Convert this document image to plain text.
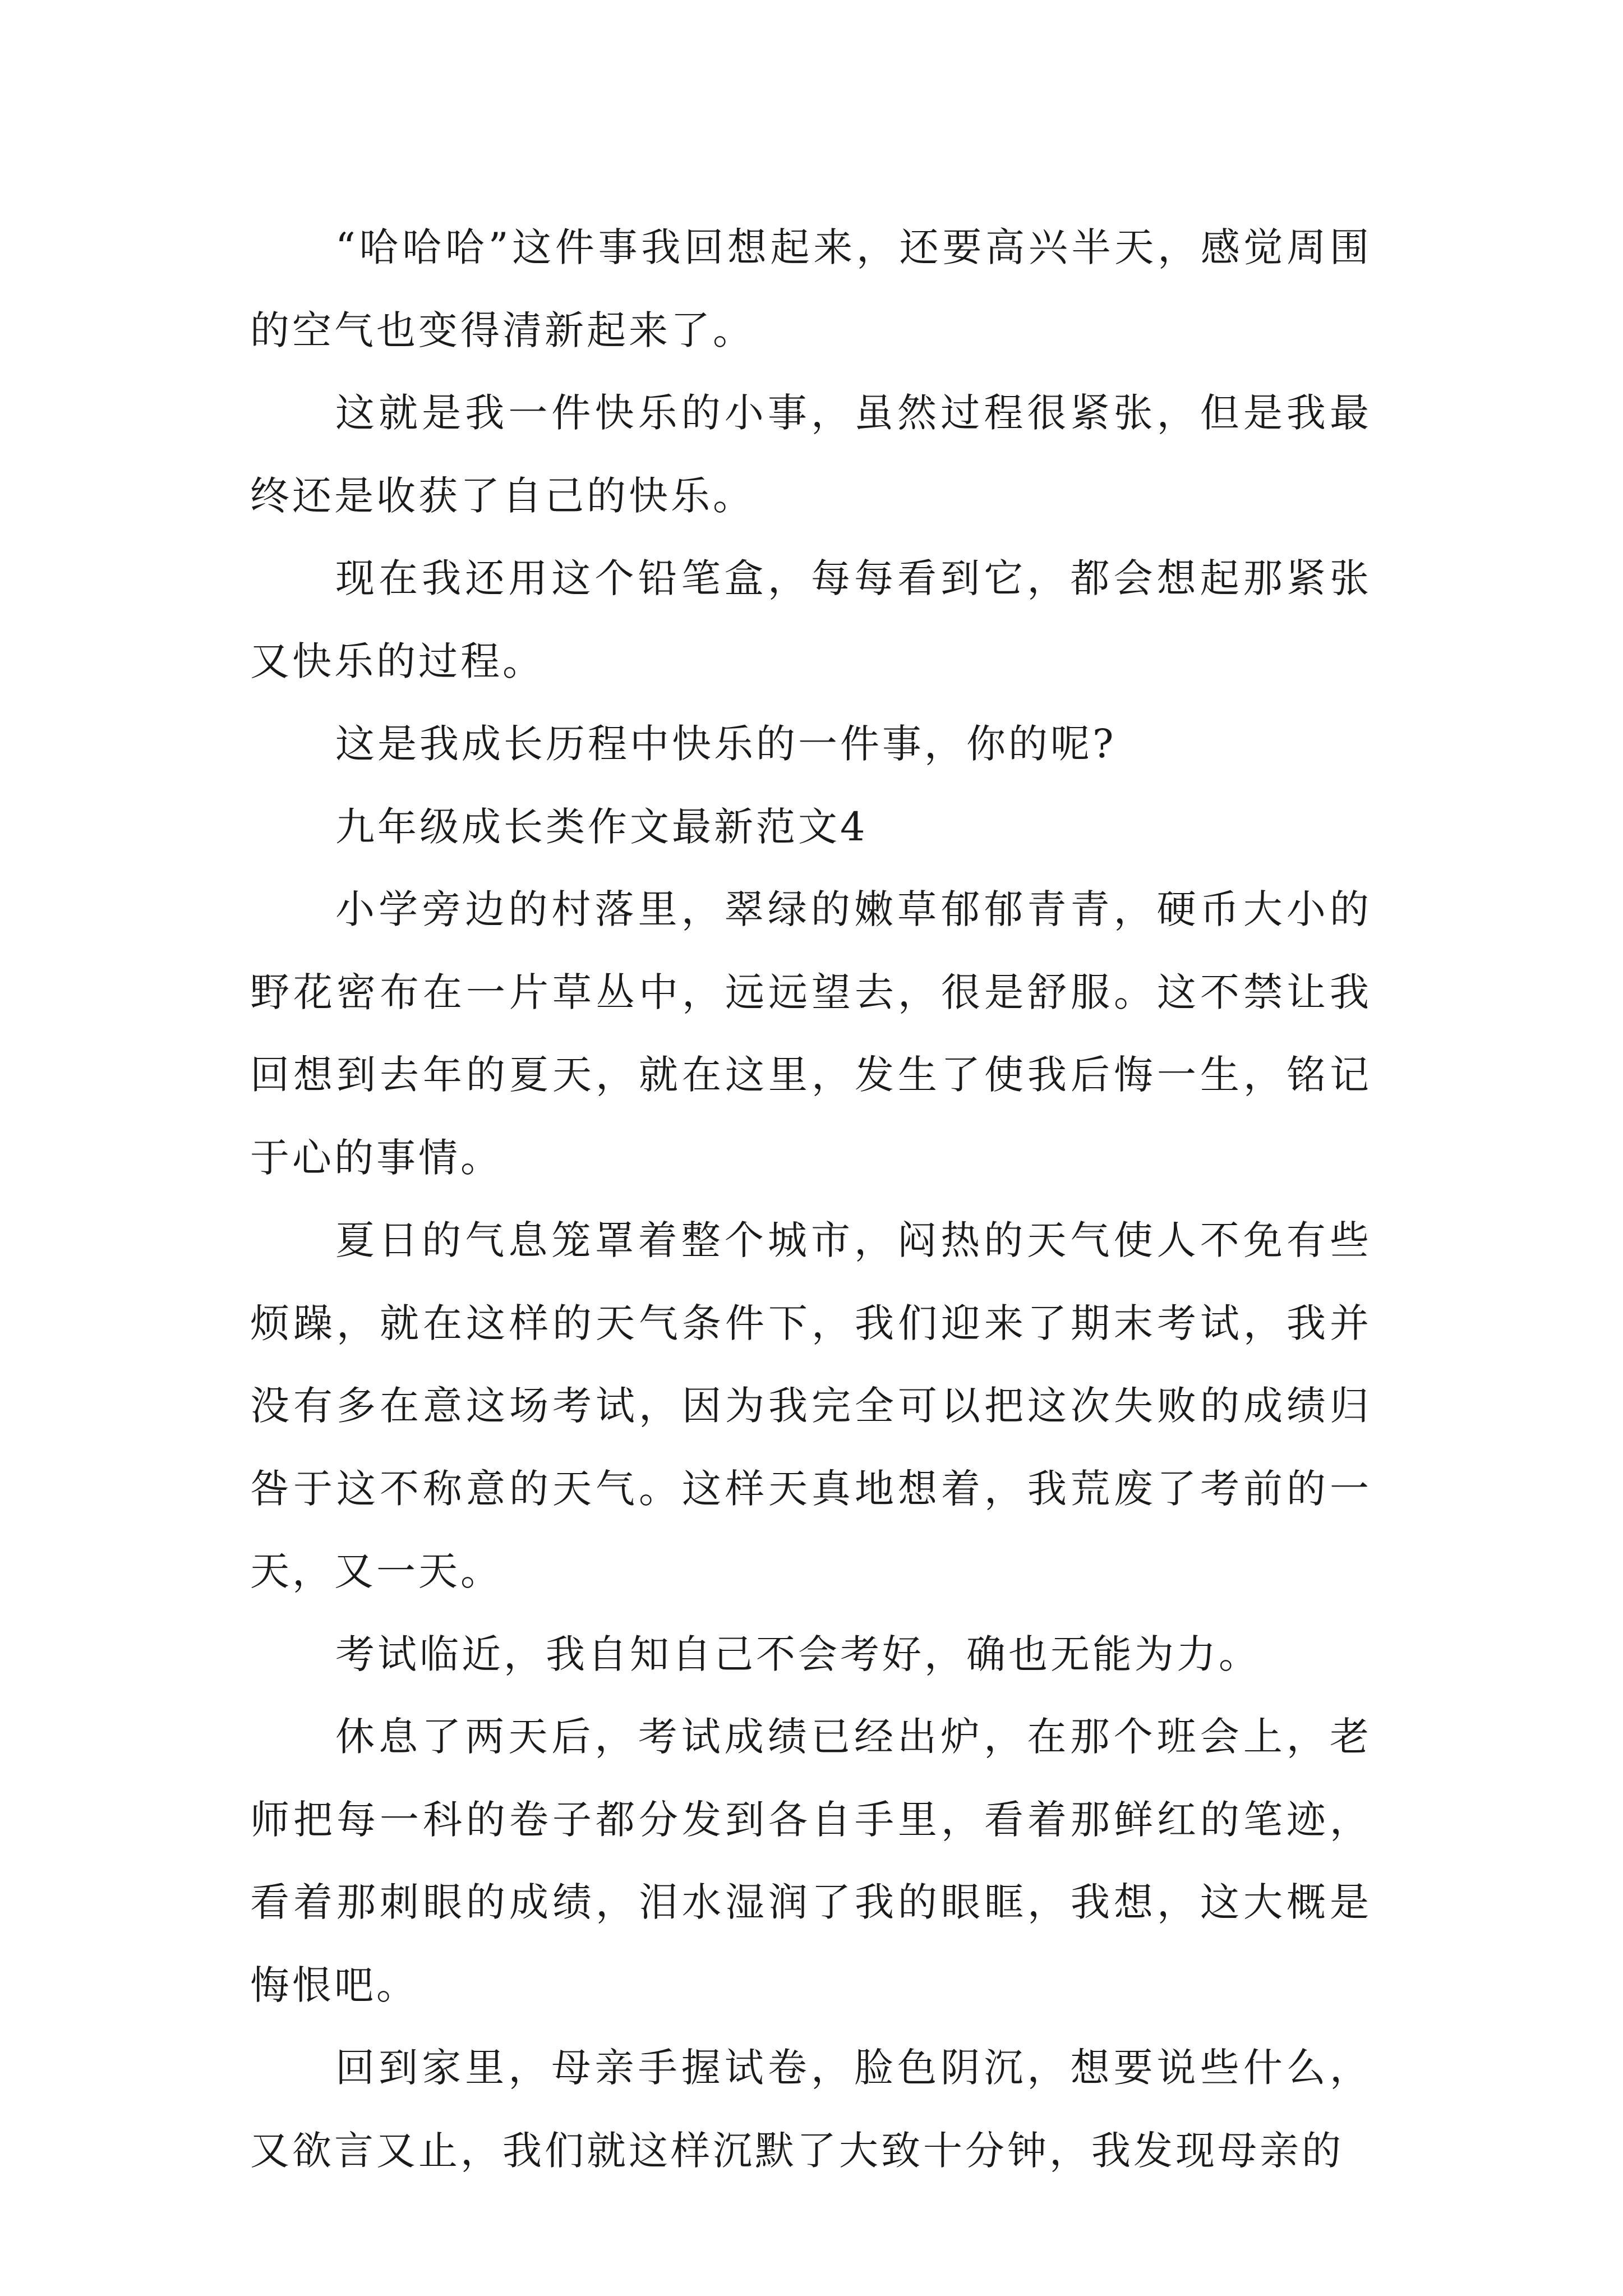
“哈哈哈”这件事我回想起来，还要高兴半天，感觉周围的空气也变得清新起来了。

这就是我一件快乐的小事，虽然过程很紧张，但是我最终还是收获了自己的快乐。

现在我还用这个铅笔盒，每每看到它，都会想起那紧张又快乐的过程。

这是我成长历程中快乐的一件事，你的呢?

九年级成长类作文最新范文4

小学旁边的村落里，翠绿的嫩草郁郁青青，硬币大小的野花密布在一片草丛中，远远望去，很是舒服。这不禁让我回想到去年的夏天，就在这里，发生了使我后悔一生，铭记于心的事情。

夏日的气息笼罩着整个城市，闷热的天气使人不免有些烦躁，就在这样的天气条件下，我们迎来了期末考试，我并没有多在意这场考试，因为我完全可以把这次失败的成绩归咎于这不称意的天气。这样天真地想着，我荒废了考前的一天，又一天。

考试临近，我自知自己不会考好，确也无能为力。

休息了两天后，考试成绩已经出炉，在那个班会上，老师把每一科的卷子都分发到各自手里，看着那鲜红的笔迹，看着那刺眼的成绩，泪水湿润了我的眼眶，我想，这大概是悔恨吧。

回到家里，母亲手握试卷，脸色阴沉，想要说些什么，又欲言又止，我们就这样沉默了大致十分钟，我发现母亲的
